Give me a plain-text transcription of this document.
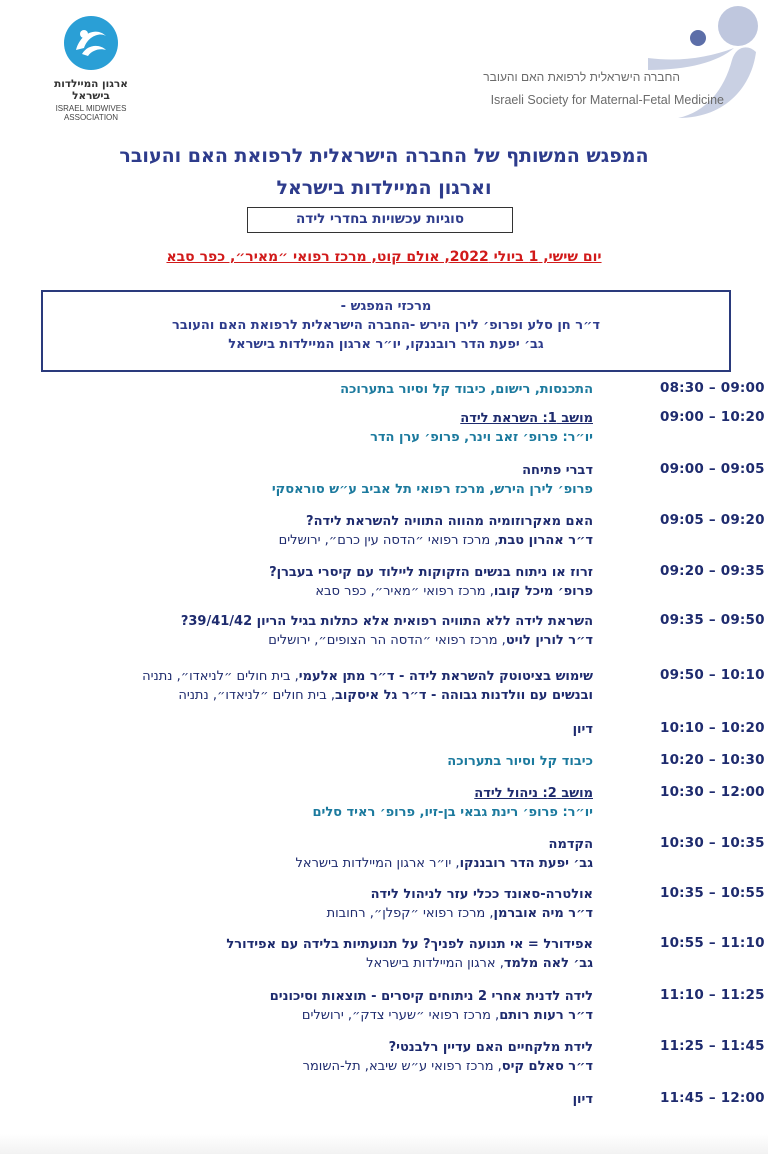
ארגון המיילדות בישראל
ISRAEL MIDWIVES ASSOCIATION
החברה הישראלית לרפואת האם והעובר
Israeli Society for Maternal-Fetal Medicine
המפגש המשותף של החברה הישראלית לרפואת האם והעובר
וארגון המיילדות בישראל
סוגיות עכשויות בחדרי לידה
יום שישי, 1 ביולי 2022, אולם קוט, מרכז רפואי ״מאיר״, כפר סבא
מרכזי המפגש -
ד״ר חן סלע ופרופ׳ לירן הירש -החברה הישראלית לרפואת האם והעובר
גב׳ יפעת הדר רובננקו, יו״ר ארגון המיילדות בישראל
08:30 – 09:00
התכנסות, רישום, כיבוד קל וסיור בתערוכה
09:00 – 10:20
מושב 1: השראת לידה
יו״ר: פרופ׳ זאב וינר, פרופ׳ ערן הדר
09:00 – 09:05
דברי פתיחה
פרופ׳ לירן הירש, מרכז רפואי תל אביב ע״ש סוראסקי
09:05 – 09:20
האם מאקרוזומיה מהווה התוויה להשראת לידה?
ד״ר אהרון טבת, מרכז רפואי ״הדסה עין כרם״, ירושלים
09:20 – 09:35
זרוז או ניתוח בנשים הזקוקות ליילוד עם קיסרי בעברן?
פרופ׳ מיכל קובו, מרכז רפואי ״מאיר״, כפר סבא
09:35 – 09:50
השראת לידה ללא התוויה רפואית אלא כתלות בגיל הריון 39/41/42?
ד״ר לורין לויט, מרכז רפואי ״הדסה הר הצופים״, ירושלים
09:50 – 10:10
שימוש בציטוטק להשראת לידה - ד״ר מתן אלעמי, בית חולים ״לניאדו״, נתניה
ובנשים עם וולדנות גבוהה - ד״ר גל איסקוב, בית חולים ״לניאדו״, נתניה
10:10 – 10:20
דיון
10:20 – 10:30
כיבוד קל וסיור בתערוכה
10:30 – 12:00
מושב 2: ניהול לידה
יו״ר: פרופ׳ רינת גבאי בן-זיו, פרופ׳ ראיד סלים
10:30 – 10:35
הקדמה
גב׳ יפעת הדר רובננקו, יו״ר ארגון המיילדות בישראל
10:35 – 10:55
אולטרה-סאונד ככלי עזר לניהול לידה
ד״ר מיה אוברמן, מרכז רפואי ״קפלן״, רחובות
10:55 – 11:10
אפידורל = אי תנועה לפניך? על תנועתיות בלידה עם אפידורל
גב׳ לאה מלמד, ארגון המיילדות בישראל
11:10 – 11:25
לידה לדנית אחרי 2 ניתוחים קיסרים - תוצאות וסיכונים
ד״ר רעות רותם, מרכז רפואי ״שערי צדק״, ירושלים
11:25 – 11:45
לידת מלקחיים האם עדיין רלבנטי?
ד״ר סאלם קיס, מרכז רפואי ע״ש שיבא, תל-השומר
11:45 – 12:00
דיון
